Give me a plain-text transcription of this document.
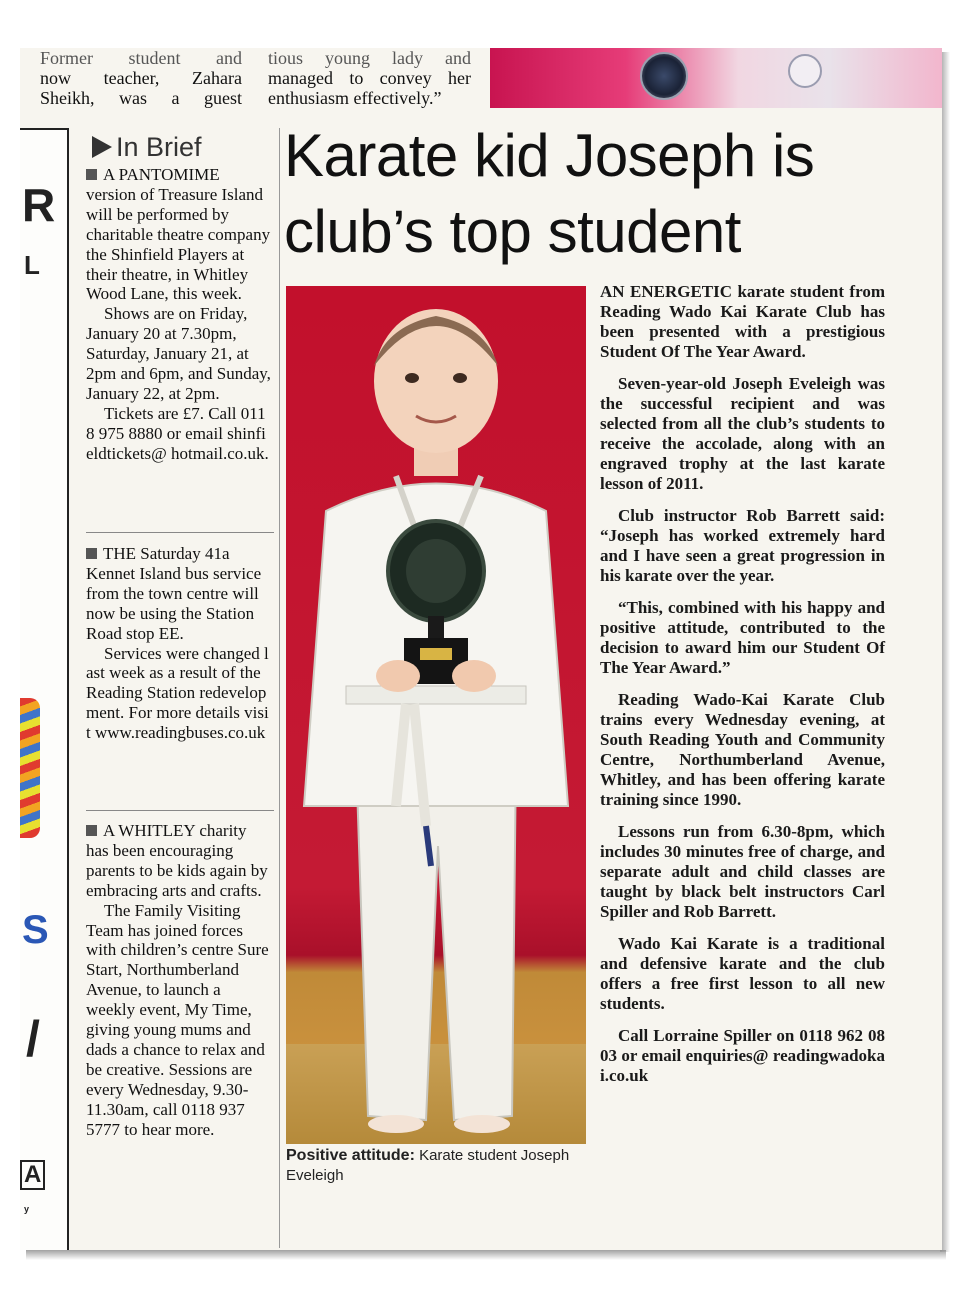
Former student and
now teacher, Zahara
Sheikh, was a guest
tious young lady and
managed to convey her
enthusiasm effectively.”
R
L
S
/
A
y
In Brief

A PANTOMIME version of Treasure Island will be performed by charitable theatre company the Shinfield Players at their theatre, in Whitley Wood Lane, this week.

Shows are on Friday, January 20 at 7.30pm, Saturday, January 21, at 2pm and 6pm, and Sunday, January 22, at 2pm.

Tickets are £7. Call 0118 975 8880 or email shinfieldtickets@ hotmail.co.uk.

THE Saturday 41a Kennet Island bus service from the town centre will now be using the Station Road stop EE.

Services were changed last week as a result of the Reading Station redevelopment. For more details visit www.readingbuses.co.uk

A WHITLEY charity has been encouraging parents to be kids again by embracing arts and crafts.

The Family Visiting Team has joined forces with children’s centre Sure Start, Northumberland Avenue, to launch a weekly event, My Time, giving young mums and dads a chance to relax and be creative. Sessions are every Wednesday, 9.30-11.30am, call 0118 937 5777 to hear more.

Karate kid Joseph is
club’s top student
Positive attitude: Karate student Joseph Eveleigh

AN ENERGETIC karate student from Reading Wado Kai Karate Club has been presented with a prestigious Student Of The Year Award.

Seven-year-old Joseph Eveleigh was the successful recipient and was selected from all the club’s students to receive the accolade, along with an engraved trophy at the last karate lesson of 2011.

Club instructor Rob Barrett said: “Joseph has worked extremely hard and I have seen a great progression in his karate over the year.

“This, combined with his happy and positive attitude, contributed to the decision to award him our Student Of The Year Award.”

Reading Wado-Kai Karate Club trains every Wednesday evening, at South Reading Youth and Community Centre, Northumberland Avenue, Whitley, and has been offering karate training since 1990.

Lessons run from 6.30-8pm, which includes 30 minutes free of charge, and separate adult and child classes are taught by black belt instructors Carl Spiller and Rob Barrett.

Wado Kai Karate is a traditional and defensive karate and the club offers a free first lesson to all new students.

Call Lorraine Spiller on 0118 962 0803 or email enquiries@ readingwadokai.co.uk
